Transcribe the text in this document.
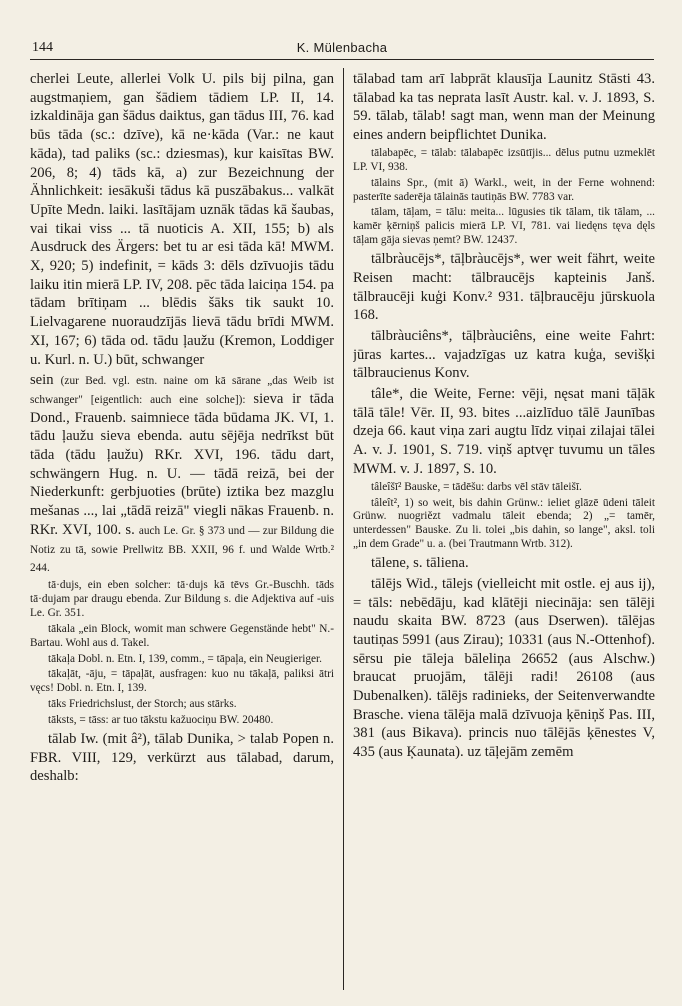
144	K. Mülenbacha

cherlei Leute, allerlei Volk U. pils bij pilna, gan augstmaņiem, gan šādiem tādiem LP. II, 14. izkaldināja gan šādus daiktus, gan tādus III, 76. kad būs tāda (sc.: dzīve), kā ne·kāda (Var.: ne kaut kāda), tad paliks (sc.: dziesmas), kur kaisītas BW. 206, 8; 4) tāds kā, a) zur Bezeichnung der Ähnlichkeit: iesākuši tādus kā puszābakus... valkāt Upīte Medn. laiki. lasītājam uznāk tādas kā šaubas, vai tikai viss ... tā nuoticis A. XII, 155; b) als Ausdruck des Ärgers: bet tu ar esi tāda kā! MWM. X, 920; 5) indefinit, = kāds 3: dēls dzīvuojis tādu laiku itin mierā LP. IV, 208. pēc tāda laiciņa 154. pa tādam brītiņam ... blēdis šāks tik saukt 10. Lielvagarene nuoraudzījās lievā tādu brīdi MWM. XI, 167; 6) tāda od. tādu ļaužu (Kremon, Loddiger u. Kurl. n. U.) būt, schwanger

sein (zur Bed. vgl. estn. naine om kā sārane „das Weib ist schwanger" [eigentlich: auch eine solche]): sieva ir tāda Dond., Frauenb. saimniece tāda būdama JK. VI, 1. tādu ļaužu sieva ebenda. autu sējēja nedrīkst būt tāda (tādu ļaužu) RKr. XVI, 196. tādu dart, schwängern Hug. n. U. — tādā reizā, bei der Niederkunft: gerbjuoties (brūte) iztika bez mazglu mešanas ..., lai „tādā reizā" viegli nākas Frauenb. n. RKr. XVI, 100. s. auch Le. Gr. § 373 und — zur Bildung die Notiz zu tā, sowie Prellwitz BB. XXII, 96 f. und Walde Wrtb.² 244.

tā·dujs, ein eben solcher: tā·dujs kā tēvs Gr.-Buschh. tāds tā·dujam par draugu ebenda. Zur Bildung s. die Adjektiva auf -uis Le. Gr. 351.

tākala „ein Block, womit man schwere Gegenstände hebt" N.-Bartau. Wohl aus d. Takel.

tākaļa Dobl. n. Etn. I, 139, comm., = tāpaļa, ein Neugieriger.

tākaļāt, -āju, = tāpaļāt, ausfragen: kuo nu tākaļā, paliksi ātri vęcs! Dobl. n. Etn. I, 139.

tāks Friedrichslust, der Storch; aus stārks.

tāksts, = tāss: ar tuo tākstu kažuociņu BW. 20480.

tālab Iw. (mit â²), tālab Dunika, > talab Popen n. FBR. VIII, 129, verkürzt aus tālabad, darum, deshalb:

tālabad tam arī labprāt klausīja Launitz Stāsti 43. tālabad ka tas neprata lasīt Austr. kal. v. J. 1893, S. 59. tālab, tālab! sagt man, wenn man der Meinung eines andern beipflichtet Dunika.

tālabapēc, = tālab: tālabapēc izsūtījis... dēlus putnu uzmeklēt LP. VI, 938.

tālains Spr., (mit ā) Warkl., weit, in der Ferne wohnend: pasterīte saderēja tālainās tautiņās BW. 7783 var.

tālam, tāļam, = tālu: meita... lūgusies tik tālam, tik tālam, ... kamēr ķērniņš palicis mierā LP. VI, 781. vai liedęns tęva dęls tāļam gāja sievas ņemt? BW. 12437.

tālbràucējs*, tāļbràucējs*, wer weit fährt, weite Reisen macht: tālbraucējs kapteinis Janš. tālbraucēji kuģi Konv.² 931. tāļbraucēju jūrskuola 168.

tālbràuciêns*, tāļbràuciêns, eine weite Fahrt: jūras kartes... vajadzīgas uz katra kuģa, sevišķi tālbraucienus Konv.

tâle*, die Weite, Ferne: vēji, nęsat mani tāļāk tālā tāle! Vēr. II, 93. bites ...aizlīduo tālē Jaunības dzeja 66. kaut viņa zari augtu līdz viņai zilajai tālei A. v. J. 1901, S. 719. viņš aptvęr tuvumu un tāles MWM. v. J. 1897, S. 10.

tâleîšī² Bauske, = tādēšu: darbs vēl stāv tāleišī.

tâleît², 1) so weit, bis dahin Grünw.: ieliet glāzē ūdeni tāleit Grünw. nuogriězt vadmalu tāleit ebenda; 2) „= tamēr, unterdessen" Bauske. Zu li. tolei „bis dahin, so lange", aksl. toli „in dem Grade" u. a. (bei Trautmann Wrtb. 312).

tālene, s. tāliena.

tālējs Wid., tālejs (vielleicht mit ostle. ej aus ij), = tāls: nebēdāju, kad klātēji niecināja: sen tālēji naudu skaita BW. 8723 (aus Dserwen). tālējas tautiņas 5991 (aus Zirau); 10331 (aus N.-Ottenhof). sērsu pie tāleja bāleliņa 26652 (aus Alschw.) braucat pruojām, tālēji radi! 26108 (aus Dubenalken). tālējs radinieks, der Seitenverwandte Brasche. viena tālēja malā dzīvuoja ķēniņš Pas. III, 381 (aus Bikava). princis nuo tālējās ķēnestes V, 435 (aus Ķaunata). uz tāļejām zemēm
